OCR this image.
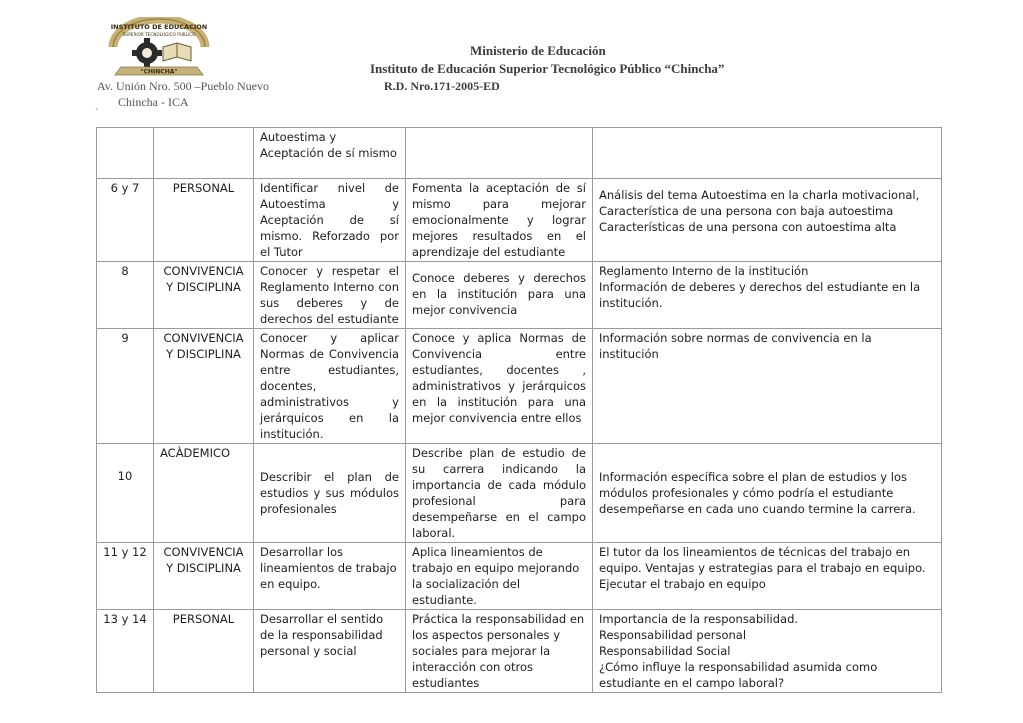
INSTITUTO DE EDUCACION
SUPERIOR TECNOLOGICO PUBLICO
"CHINCHA"
Ministerio de Educación
Instituto de Educación Superior Tecnológico Público “Chincha”
R.D. Nro.171-2005-ED
Av. Unión Nro. 500 –Pueblo Nuevo
Chincha - ICA
`
		Autoestima y Aceptación de sí mismo		
6 y 7	PERSONAL	Identificar nivel de Autoestima y Aceptación de sí mismo. Reforzado por el Tutor	Fomenta la aceptación de sí mismo para mejorar emocionalmente y lograr mejores resultados en el aprendizaje del estudiante	Análisis del tema Autoestima en la charla motivacional,
Característica de una persona con baja autoestima
Características de una persona con autoestima alta

8	CONVIVENCIA Y DISCIPLINA	Conocer y respetar el Reglamento Interno con sus deberes y de derechos del estudiante	Conoce deberes y derechos en la institución para una mejor convivencia	Reglamento Interno de la institución
Información de deberes y derechos del estudiante en la institución.

9	CONVIVENCIA Y DISCIPLINA	Conocer y aplicar Normas de Convivencia entre estudiantes, docentes, administrativos y jerárquicos en la institución.	Conoce y aplica Normas de Convivencia entre estudiantes, docentes , administrativos y jerárquicos en la institución para una mejor convivencia entre ellos	Información sobre normas de convivencia en la institución

10	ACÀDEMICO	Describir el plan de estudios y sus módulos profesionales	Describe plan de estudio de su carrera indicando la importancia de cada módulo profesional para desempeñarse en el campo laboral.	Información específica sobre el plan de estudios y los módulos profesionales y cómo podría el estudiante desempeñarse en cada uno cuando termine la carrera.

11 y 12	CONVIVENCIA Y DISCIPLINA	Desarrollar los lineamientos de trabajo en equipo.	Aplica lineamientos de trabajo en equipo mejorando la socialización del estudiante.	El tutor da los lineamientos de técnicas del trabajo en equipo. Ventajas y estrategias para el trabajo en equipo.
Ejecutar el trabajo en equipo

13 y 14	PERSONAL	Desarrollar el sentido de la responsabilidad personal y social	Práctica la responsabilidad en los aspectos personales y sociales para mejorar la interacción con otros estudiantes	Importancia de la responsabilidad.
Responsabilidad personal
Responsabilidad Social
¿Cómo influye la responsabilidad asumida como estudiante en el campo laboral?
